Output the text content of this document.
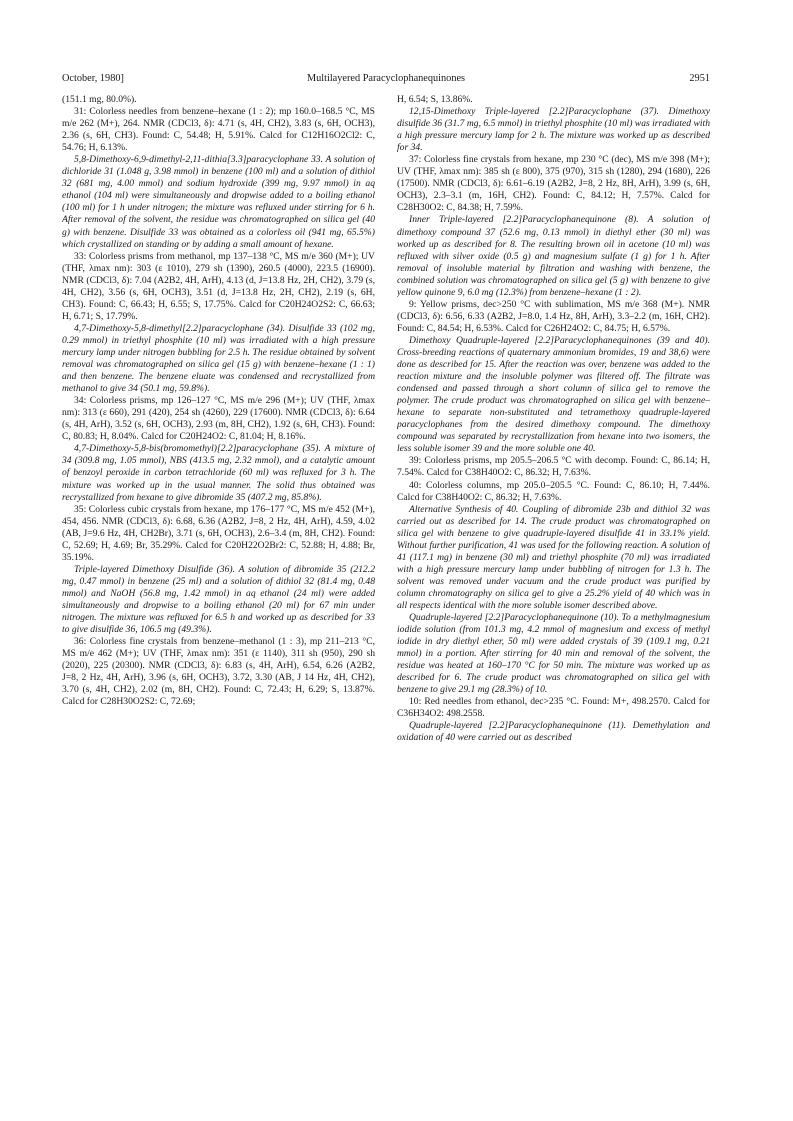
October, 1980]	Multilayered Paracyclophanequinones	2951

(151.1 mg, 80.0%).

31: Colorless needles from benzene–hexane (1 : 2); mp 160.0–168.5 °C, MS m/e 262 (M+), 264. NMR (CDCl3, δ): 4.71 (s, 4H, CH2), 3.83 (s, 6H, OCH3), 2.36 (s, 6H, CH3). Found: C, 54.48; H, 5.91%. Calcd for C12H16O2Cl2: C, 54.76; H, 6.13%.

5,8-Dimethoxy-6,9-dimethyl-2,11-dithia[3.3]paracyclophane 33. A solution of dichloride 31 (1.048 g, 3.98 mmol) in benzene (100 ml) and a solution of dithiol 32 (681 mg, 4.00 mmol) and sodium hydroxide (399 mg, 9.97 mmol) in aq ethanol (104 ml) were simultaneously and dropwise added to a boiling ethanol (100 ml) for 1 h under nitrogen; the mixture was refluxed under stirring for 6 h. After removal of the solvent, the residue was chromatographed on silica gel (40 g) with benzene. Disulfide 33 was obtained as a colorless oil (941 mg, 65.5%) which crystallized on standing or by adding a small amount of hexane.

33: Colorless prisms from methanol, mp 137–138 °C, MS m/e 360 (M+); UV (THF, λmax nm): 303 (ε 1010), 279 sh (1390), 260.5 (4000), 223.5 (16900). NMR (CDCl3, δ): 7.04 (A2B2, 4H, ArH), 4.13 (d, J=13.8 Hz, 2H, CH2), 3.79 (s, 4H, CH2), 3.56 (s, 6H, OCH3), 3.51 (d, J=13.8 Hz, 2H, CH2), 2.19 (s, 6H, CH3). Found: C, 66.43; H, 6.55; S, 17.75%. Calcd for C20H24O2S2: C, 66.63; H, 6.71; S, 17.79%.

4,7-Dimethoxy-5,8-dimethyl[2.2]paracyclophane (34). Disulfide 33 (102 mg, 0.29 mmol) in triethyl phosphite (10 ml) was irradiated with a high pressure mercury lamp under nitrogen bubbling for 2.5 h. The residue obtained by solvent removal was chromatographed on silica gel (15 g) with benzene–hexane (1 : 1) and then benzene. The benzene eluate was condensed and recrystallized from methanol to give 34 (50.1 mg, 59.8%).

34: Colorless prisms, mp 126–127 °C, MS m/e 296 (M+); UV (THF, λmax nm): 313 (ε 660), 291 (420), 254 sh (4260), 229 (17600). NMR (CDCl3, δ): 6.64 (s, 4H, ArH), 3.52 (s, 6H, OCH3), 2.93 (m, 8H, CH2), 1.92 (s, 6H, CH3). Found: C, 80.83; H, 8.04%. Calcd for C20H24O2: C, 81.04; H, 8.16%.

4,7-Dimethoxy-5,8-bis(bromomethyl)[2.2]paracyclophane (35). A mixture of 34 (309.8 mg, 1.05 mmol), NBS (413.5 mg, 2.32 mmol), and a catalytic amount of benzoyl peroxide in carbon tetrachloride (60 ml) was refluxed for 3 h. The mixture was worked up in the usual manner. The solid thus obtained was recrystallized from hexane to give dibromide 35 (407.2 mg, 85.8%).

35: Colorless cubic crystals from hexane, mp 176–177 °C, MS m/e 452 (M+), 454, 456. NMR (CDCl3, δ): 6.68, 6.36 (A2B2, J=8, 2 Hz, 4H, ArH), 4.59, 4.02 (AB, J=9.6 Hz, 4H, CH2Br), 3.71 (s, 6H, OCH3), 2.6–3.4 (m, 8H, CH2). Found: C, 52.69; H, 4.69; Br, 35.29%. Calcd for C20H22O2Br2: C, 52.88; H, 4.88; Br, 35.19%.

Triple-layered Dimethoxy Disulfide (36). A solution of dibromide 35 (212.2 mg, 0.47 mmol) in benzene (25 ml) and a solution of dithiol 32 (81.4 mg, 0.48 mmol) and NaOH (56.8 mg, 1.42 mmol) in aq ethanol (24 ml) were added simultaneously and dropwise to a boiling ethanol (20 ml) for 67 min under nitrogen. The mixture was refluxed for 6.5 h and worked up as described for 33 to give disulfide 36, 106.5 mg (49.3%).

36: Colorless fine crystals from benzene–methanol (1 : 3), mp 211–213 °C, MS m/e 462 (M+); UV (THF, λmax nm): 351 (ε 1140), 311 sh (950), 290 sh (2020), 225 (20300). NMR (CDCl3, δ): 6.83 (s, 4H, ArH), 6.54, 6.26 (A2B2, J=8, 2 Hz, 4H, ArH), 3.96 (s, 6H, OCH3), 3.72, 3.30 (AB, J 14 Hz, 4H, CH2), 3.70 (s, 4H, CH2), 2.02 (m, 8H, CH2). Found: C, 72.43; H, 6.29; S, 13.87%. Calcd for C28H30O2S2: C, 72.69;

H, 6.54; S, 13.86%.

12,15-Dimethoxy Triple-layered [2.2]Paracyclophane (37). Dimethoxy disulfide 36 (31.7 mg, 6.5 mmol) in triethyl phosphite (10 ml) was irradiated with a high pressure mercury lamp for 2 h. The mixture was worked up as described for 34.

37: Colorless fine crystals from hexane, mp 230 °C (dec), MS m/e 398 (M+); UV (THF, λmax nm): 385 sh (ε 800), 375 (970), 315 sh (1280), 294 (1680), 226 (17500). NMR (CDCl3, δ): 6.61–6.19 (A2B2, J=8, 2 Hz, 8H, ArH), 3.99 (s, 6H, OCH3), 2.3–3.1 (m, 16H, CH2). Found: C, 84.12; H, 7.57%. Calcd for C28H30O2: C, 84.38; H, 7.59%.

Inner Triple-layered [2.2]Paracyclophanequinone (8). A solution of dimethoxy compound 37 (52.6 mg, 0.13 mmol) in diethyl ether (30 ml) was worked up as described for 8. The resulting brown oil in acetone (10 ml) was refluxed with silver oxide (0.5 g) and magnesium sulfate (1 g) for 1 h. After removal of insoluble material by filtration and washing with benzene, the combined solution was chromatographed on silica gel (5 g) with benzene to give yellow quinone 9, 6.0 mg (12.3%) from benzene–hexane (1 : 2).

9: Yellow prisms, dec>250 °C with sublimation, MS m/e 368 (M+). NMR (CDCl3, δ): 6.56, 6.33 (A2B2, J=8.0, 1.4 Hz, 8H, ArH), 3.3–2.2 (m, 16H, CH2). Found: C, 84.54; H, 6.53%. Calcd for C26H24O2: C, 84.75; H, 6.57%.

Dimethoxy Quadruple-layered [2.2]Paracyclophanequinones (39 and 40). Cross-breeding reactions of quaternary ammonium bromides, 19 and 38,6) were done as described for 15. After the reaction was over, benzene was added to the reaction mixture and the insoluble polymer was filtered off. The filtrate was condensed and passed through a short column of silica gel to remove the polymer. The crude product was chromatographed on silica gel with benzene–hexane to separate non-substituted and tetramethoxy quadruple-layered paracyclophanes from the desired dimethoxy compound. The dimethoxy compound was separated by recrystallization from hexane into two isomers, the less soluble isomer 39 and the more soluble one 40.

39: Colorless prisms, mp 205.5–206.5 °C with decomp. Found: C, 86.14; H, 7.54%. Calcd for C38H40O2: C, 86.32; H, 7.63%.

40: Colorless columns, mp 205.0–205.5 °C. Found: C, 86.10; H, 7.44%. Calcd for C38H40O2: C, 86.32; H, 7.63%.

Alternative Synthesis of 40. Coupling of dibromide 23b and dithiol 32 was carried out as described for 14. The crude product was chromatographed on silica gel with benzene to give quadruple-layered disulfide 41 in 33.1% yield. Without further purification, 41 was used for the following reaction. A solution of 41 (117.1 mg) in benzene (30 ml) and triethyl phosphite (70 ml) was irradiated with a high pressure mercury lamp under bubbling of nitrogen for 1.3 h. The solvent was removed under vacuum and the crude product was purified by column chromatography on silica gel to give a 25.2% yield of 40 which was in all respects identical with the more soluble isomer described above.

Quadruple-layered [2.2]Paracyclophanequinone (10). To a methylmagnesium iodide solution (from 101.3 mg, 4.2 mmol of magnesium and excess of methyl iodide in dry diethyl ether, 50 ml) were added crystals of 39 (109.1 mg, 0.21 mmol) in a portion. After stirring for 40 min and removal of the solvent, the residue was heated at 160–170 °C for 50 min. The mixture was worked up as described for 6. The crude product was chromatographed on silica gel with benzene to give 29.1 mg (28.3%) of 10.

10: Red needles from ethanol, dec>235 °C. Found: M+, 498.2570. Calcd for C36H34O2: 498.2558.

Quadruple-layered [2.2]Paracyclophanequinone (11). Demethylation and oxidation of 40 were carried out as described
